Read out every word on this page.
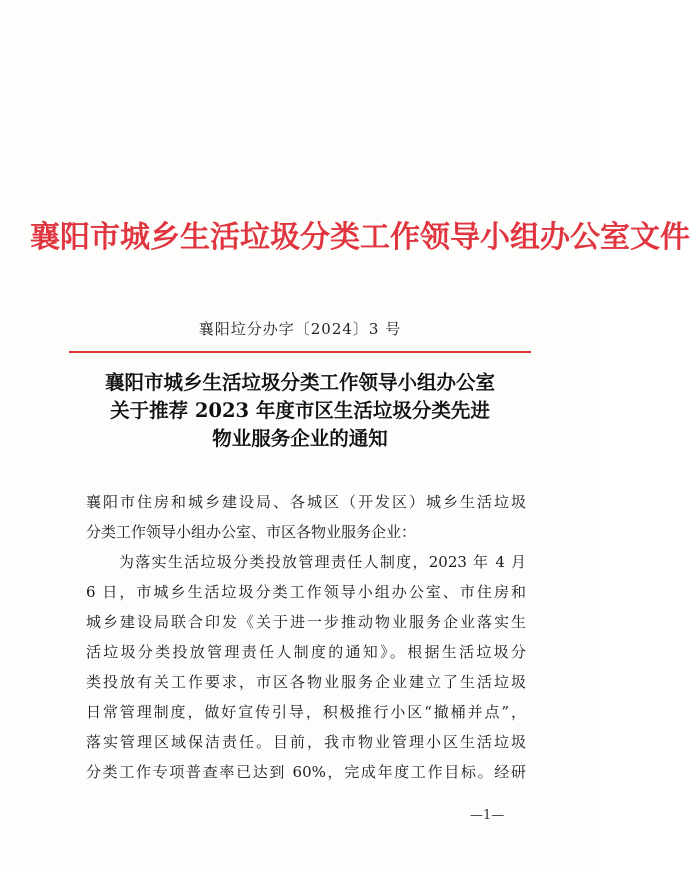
襄阳市城乡生活垃圾分类工作领导小组办公室文件
襄阳垃分办字〔2024〕3 号
襄阳市城乡生活垃圾分类工作领导小组办公室
关于推荐 2023 年度市区生活垃圾分类先进
物业服务企业的通知
襄阳市住房和城乡建设局、各城区（开发区）城乡生活垃圾
分类工作领导小组办公室、市区各物业服务企业：
为落实生活垃圾分类投放管理责任人制度，2023 年 4 月
6 日，市城乡生活垃圾分类工作领导小组办公室、市住房和
城乡建设局联合印发《关于进一步推动物业服务企业落实生
活垃圾分类投放管理责任人制度的通知》。根据生活垃圾分
类投放有关工作要求，市区各物业服务企业建立了生活垃圾
日常管理制度，做好宣传引导，积极推行小区“撤桶并点”，
落实管理区域保洁责任。目前，我市物业管理小区生活垃圾
分类工作专项普查率已达到 60%，完成年度工作目标。经研
—1—
